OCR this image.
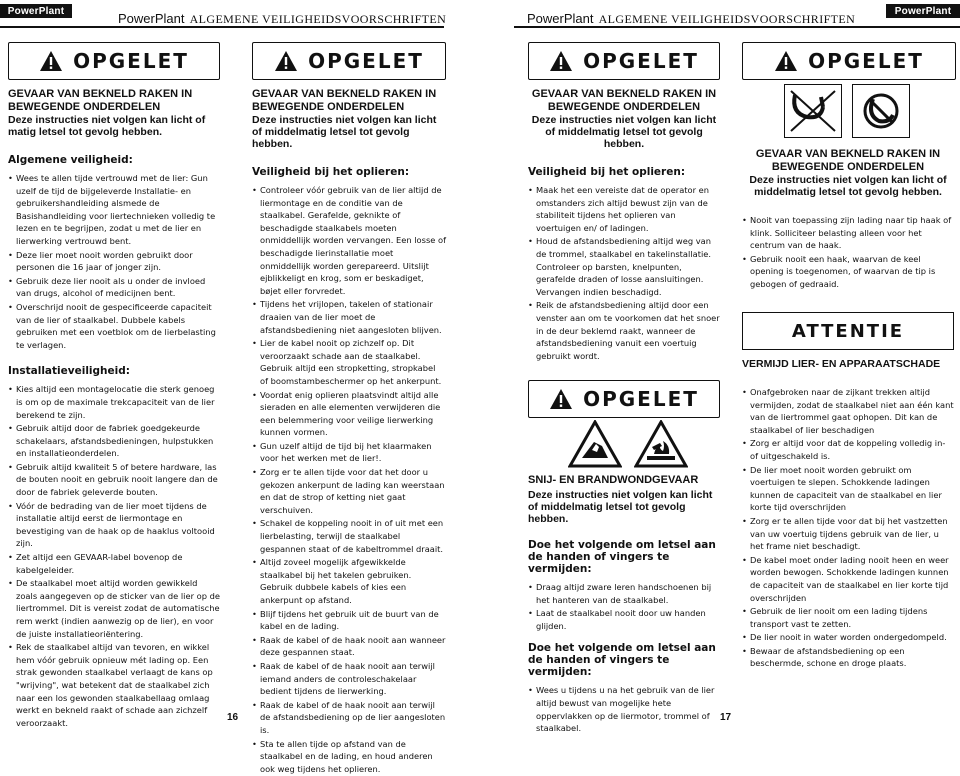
PowerPlant	PowerPlant ALGEMENE VEILIGHEIDSVOORSCHRIFTEN	PowerPlant ALGEMENE VEILIGHEIDSVOORSCHRIFTEN
PowerPlant
OPGELET
GEVAAR VAN BEKNELD RAKEN IN BEWEGENDE ONDERDELEN
Deze instructies niet volgen kan licht of matig letsel tot gevolg hebben.
Algemene veiligheid:
• Wees te allen tijde vertrouwd met de lier: Gun uzelf de tijd de bijgeleverde Installatie- en gebruikershandleiding alsmede de Basishandleiding voor liertechnieken volledig te lezen en te begrijpen, zodat u met de lier en lierwerking vertrouwd bent.
• Deze lier moet nooit worden gebruikt door personen die 16 jaar of jonger zijn.
• Gebruik deze lier nooit als u onder de invloed van drugs, alcohol of medicijnen bent.
• Overschrijd nooit de gespecificeerde capaciteit van de lier of staalkabel. Dubbele kabels gebruiken met een voetblok om de lierbelasting te verlagen.
Installatieveiligheid:
• Kies altijd een montagelocatie die sterk genoeg is om op de maximale trekcapaciteit van de lier berekend te zijn.
• Gebruik altijd door de fabriek goedgekeurde schakelaars, afstandsbedieningen, hulpstukken en installatieonderdelen.
• Gebruik altijd kwaliteit 5 of betere hardware, las de bouten nooit en gebruik nooit langere dan de door de fabriek geleverde bouten.
• Vóór de bedrading van de lier moet tijdens de installatie altijd eerst de liermontage en bevestiging van de haak op de haaklus voltooid zijn.
• Zet altijd een GEVAAR-label bovenop de kabelgeleider.
• De staalkabel moet altijd worden gewikkeld zoals aangegeven op de sticker van de lier op de liertrommel. Dit is vereist zodat de automatische rem werkt (indien aanwezig op de lier), en voor de juiste installatieoriëntering.
• Rek de staalkabel altijd van tevoren, en wikkel hem vóór gebruik opnieuw mét lading op. Een strak gewonden staalkabel verlaagt de kans op "wrijving", wat betekent dat de staalkabel zich naar een los gewonden staalkabellaag omlaag werkt en bekneld raakt of schade aan zichzelf veroorzaakt.
OPGELET
GEVAAR VAN BEKNELD RAKEN IN BEWEGENDE ONDERDELEN
Deze instructies niet volgen kan licht of middelmatig letsel tot gevolg hebben.
Veiligheid bij het oplieren:
• Controleer vóór gebruik van de lier altijd de liermontage en de conditie van de staalkabel. Gerafelde, geknikte of beschadigde staalkabels moeten onmiddellijk worden vervangen. Een losse of beschadigde lierinstallatie moet onmiddellijk worden gerepareerd. Uitslijt ejblikkeligt en krog, som er beskadiget, bøjet eller forvredet.
• Tijdens het vrijlopen, takelen of stationair draaien van de lier moet de afstandsbediening niet aangesloten blijven.
• Lier de kabel nooit op zichzelf op. Dit veroorzaakt schade aan de staalkabel. Gebruik altijd een stropketting, stropkabel of boomstambeschermer op het ankerpunt.
• Voordat enig oplieren plaatsvindt altijd alle sieraden en alle elementen verwijderen die een belemmering voor veilige lierwerking kunnen vormen.
• Gun uzelf altijd de tijd bij het klaarmaken voor het werken met de lier!.
• Zorg er te allen tijde voor dat het door u gekozen ankerpunt de lading kan weerstaan en dat de strop of ketting niet gaat verschuiven.
• Schakel de koppeling nooit in of uit met een lierbelasting, terwijl de staalkabel gespannen staat of de kabeltrommel draait.
• Altijd zoveel mogelijk afgewikkelde staalkabel bij het takelen gebruiken. Gebruik dubbele kabels of kies een ankerpunt op afstand.
• Blijf tijdens het gebruik uit de buurt van de kabel en de lading.
• Raak de kabel of de haak nooit aan wanneer deze gespannen staat.
• Raak de kabel of de haak nooit aan terwijl iemand anders de controleschakelaar bedient tijdens de lierwerking.
• Raak de kabel of de haak nooit aan terwijl de afstandsbediening op de lier aangesloten is.
• Sta te allen tijde op afstand van de staalkabel en de lading, en houd anderen ook weg tijdens het oplieren.
OPGELET
GEVAAR VAN BEKNELD RAKEN IN BEWEGENDE ONDERDELEN
Deze instructies niet volgen kan licht of middelmatig letsel tot gevolg hebben.
Veiligheid bij het oplieren:
• Maak het een vereiste dat de operator en omstanders zich altijd bewust zijn van de stabiliteit tijdens het oplieren van voertuigen en/ of ladingen.
• Houd de afstandsbediening altijd weg van de trommel, staalkabel en takelinstallatie. Controleer op barsten, knelpunten, gerafelde draden of losse aansluitingen. Vervangen indien beschadigd.
• Reik de afstandsbediening altijd door een venster aan om te voorkomen dat het snoer in de deur beklemd raakt, wanneer de afstandsbediening vanuit een voertuig gebruikt wordt.
OPGELET
SNIJ- EN BRANDWONDGEVAAR
Deze instructies niet volgen kan licht of middelmatig letsel tot gevolg hebben.
Doe het volgende om letsel aan de handen of vingers te vermijden:
• Draag altijd zware leren handschoenen bij het hanteren van de staalkabel.
• Laat de staalkabel nooit door uw handen glijden.
Doe het volgende om letsel aan de handen of vingers te vermijden:
• Wees u tijdens u na het gebruik van de lier altijd bewust van mogelijke hete oppervlakken op de liermotor, trommel of staalkabel.
OPGELET
GEVAAR VAN BEKNELD RAKEN IN BEWEGENDE ONDERDELEN
Deze instructies niet volgen kan licht of middelmatig letsel tot gevolg hebben.
• Nooit van toepassing zijn lading naar tip haak of klink. Solliciteer belasting alleen voor het centrum van de haak.
• Gebruik nooit een haak, waarvan de keel opening is toegenomen, of waarvan de tip is gebogen of gedraaid.
ATTENTIE
VERMIJD LIER- EN APPARAATSCHADE
• Onafgebroken naar de zijkant trekken altijd vermijden, zodat de staalkabel niet aan één kant van de liertrommel gaat ophopen. Dit kan de staalkabel of lier beschadigen
• Zorg er altijd voor dat de koppeling volledig in- of uitgeschakeld is.
• De lier moet nooit worden gebruikt om voertuigen te slepen. Schokkende ladingen kunnen de capaciteit van de staalkabel en lier korte tijd overschrijden
• Zorg er te allen tijde voor dat bij het vastzetten van uw voertuig tijdens gebruik van de lier, u het frame niet beschadigt.
• De kabel moet onder lading nooit heen en weer worden bewogen. Schokkende ladingen kunnen de capaciteit van de staalkabel en lier korte tijd overschrijden
• Gebruik de lier nooit om een lading tijdens transport vast te zetten.
• De lier nooit in water worden ondergedompeld.
• Bewaar de afstandsbediening op een beschermde, schone en droge plaats.
16	17
